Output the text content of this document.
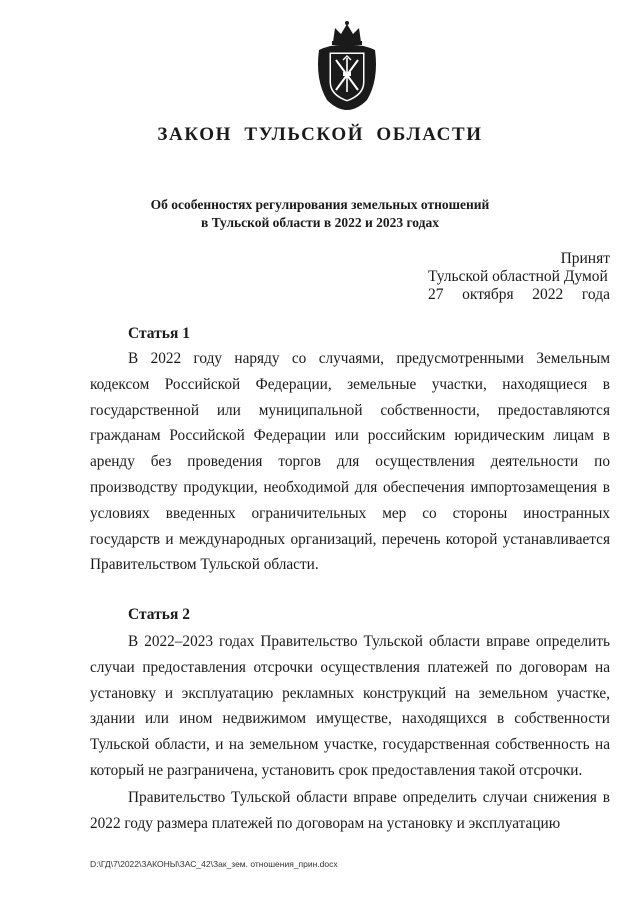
ЗАКОН ТУЛЬСКОЙ ОБЛАСТИ
Об особенностях регулирования земельных отношений
в Тульской области в 2022 и 2023 годах
Принят
Тульской областной Думой
27 октября 2022 года
Статья 1
В 2022 году наряду со случаями, предусмотренными Земельным кодексом Российской Федерации, земельные участки, находящиеся в государственной или муниципальной собственности, предоставляются гражданам Российской Федерации или российским юридическим лицам в аренду без проведения торгов для осуществления деятельности по производству продукции, необходимой для обеспечения импортозамещения в условиях введенных ограничительных мер со стороны иностранных государств и международных организаций, перечень которой устанавливается Правительством Тульской области.
Статья 2
В 2022–2023 годах Правительство Тульской области вправе определить случаи предоставления отсрочки осуществления платежей по договорам на установку и эксплуатацию рекламных конструкций на земельном участке, здании или ином недвижимом имуществе, находящихся в собственности Тульской области, и на земельном участке, государственная собственность на который не разграничена, установить срок предоставления такой отсрочки.
Правительство Тульской области вправе определить случаи снижения в 2022 году размера платежей по договорам на установку и эксплуатацию
D:\ГД\7\2022\ЗАКОНЫ\ЗАС_42\Зак_зем. отношения_прин.docx
